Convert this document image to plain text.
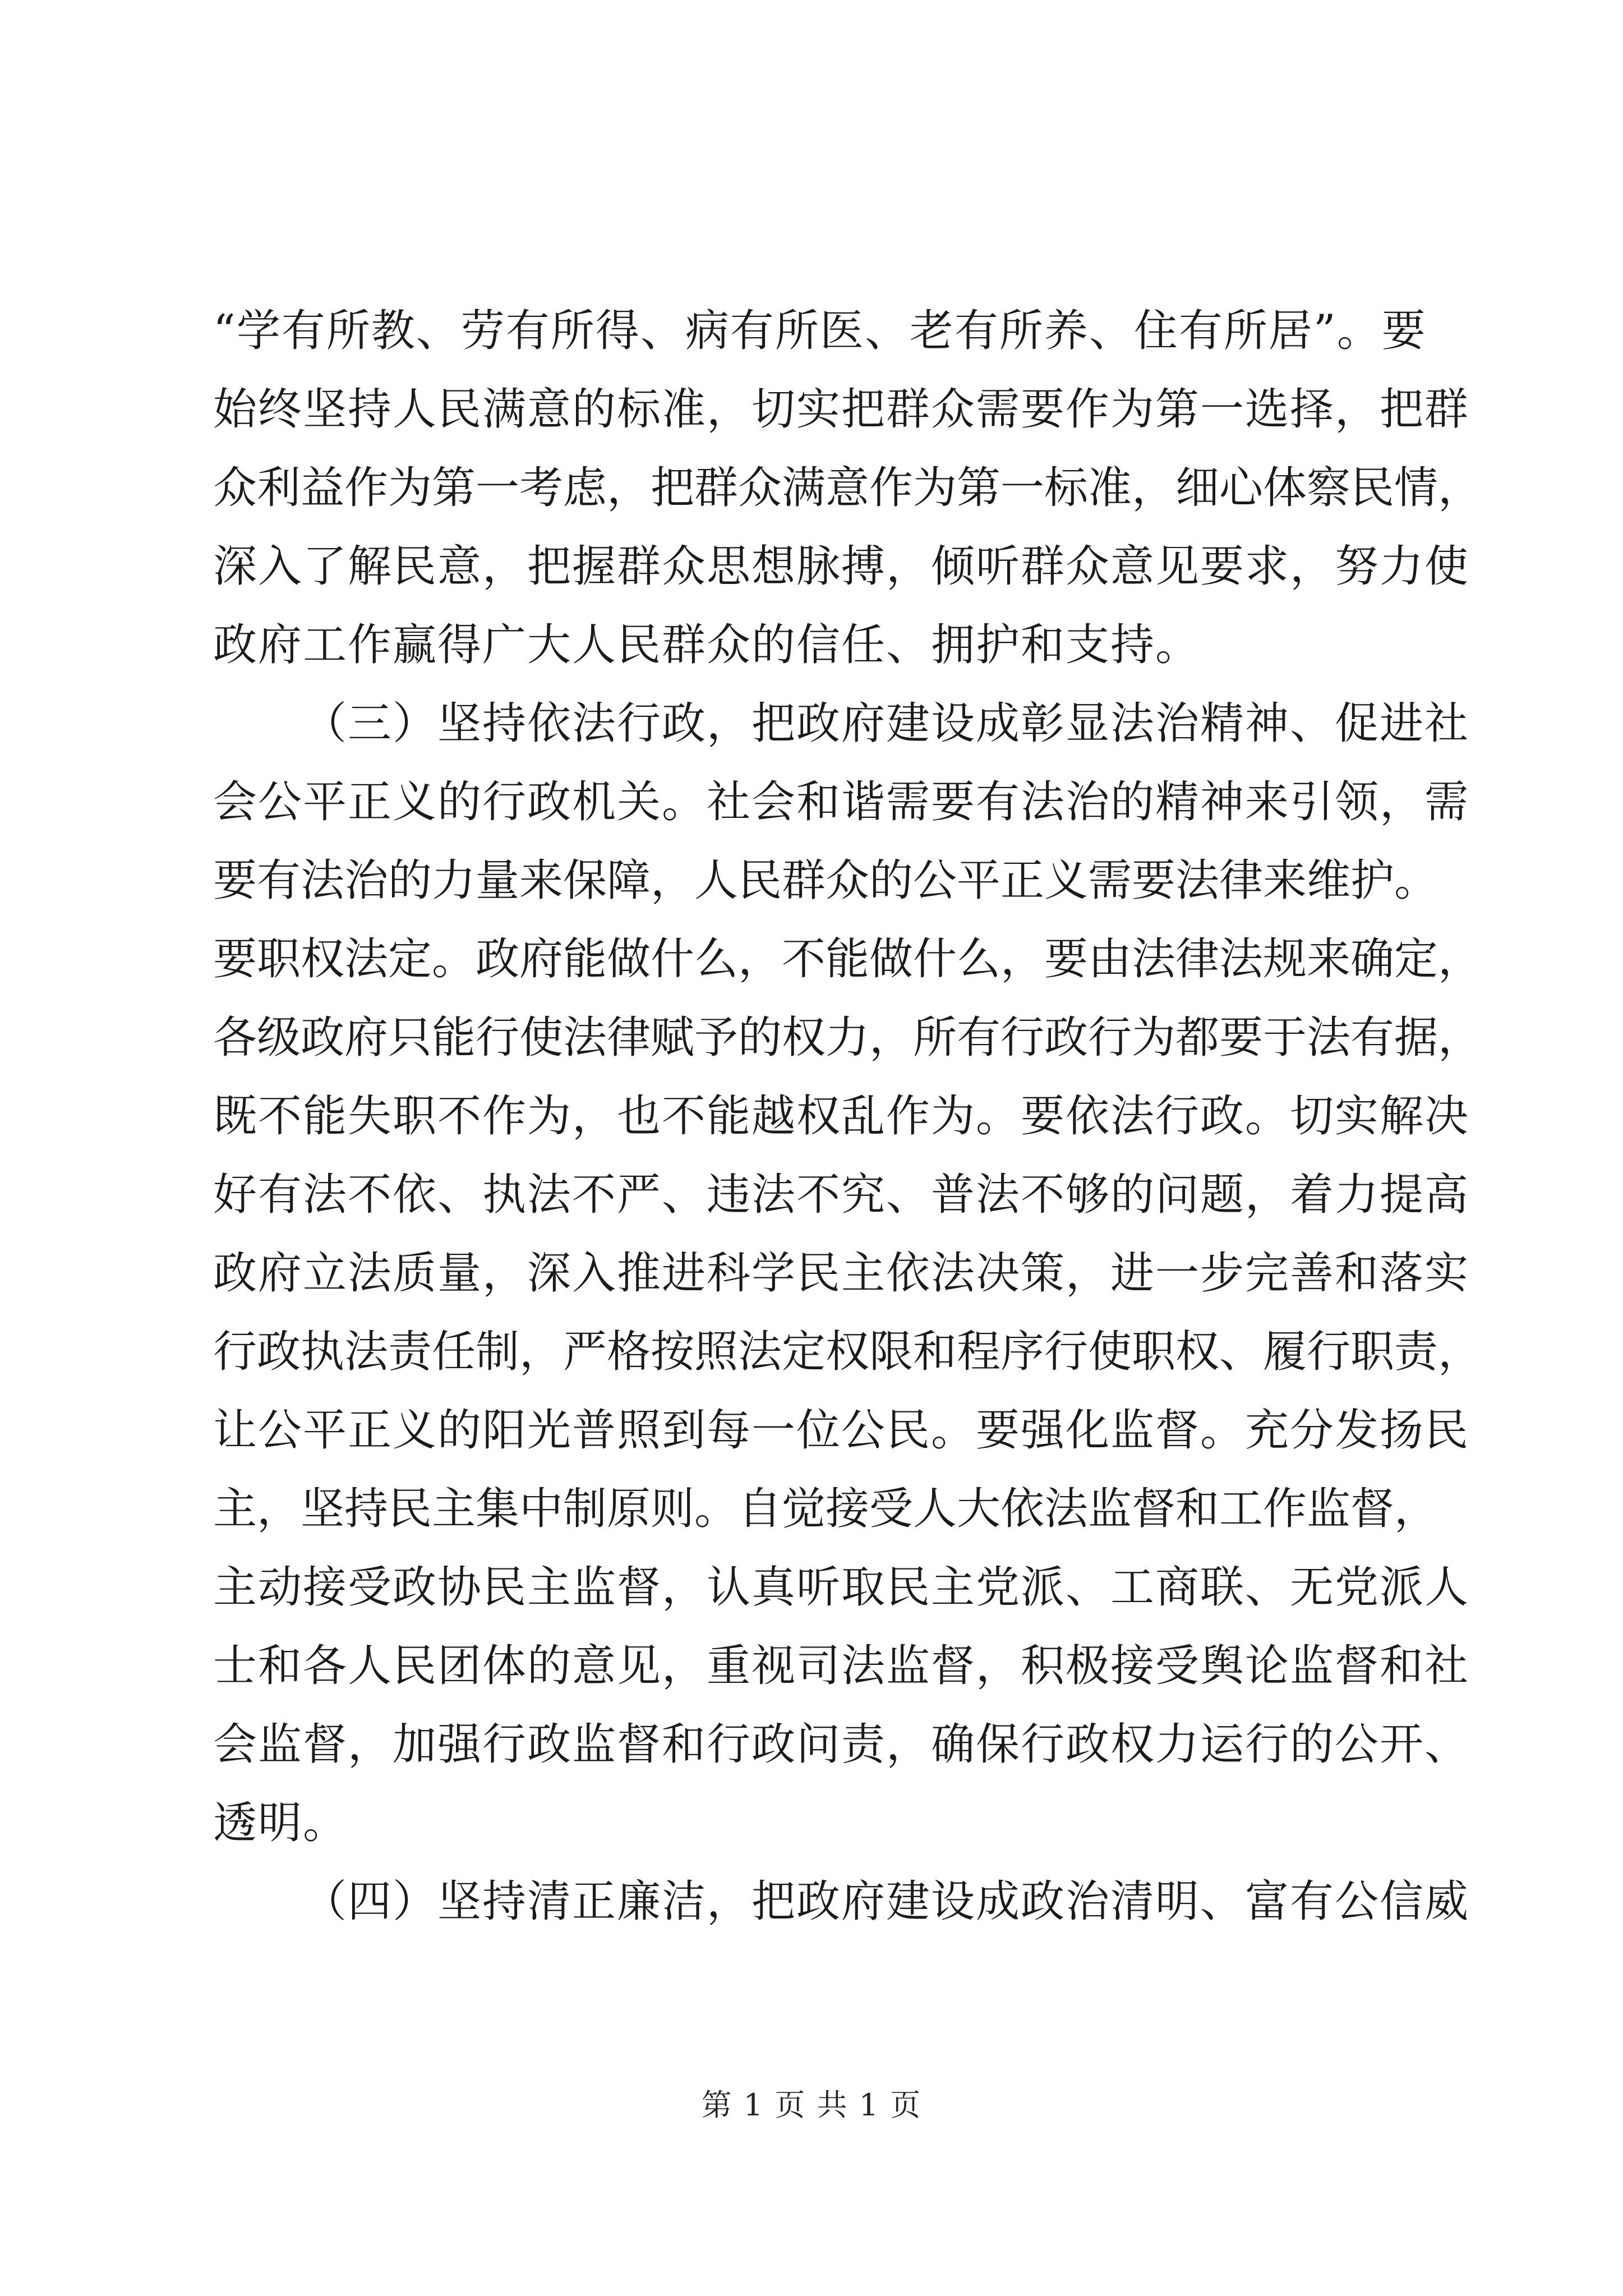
“学有所教、劳有所得、病有所医、老有所养、住有所居”。要
始终坚持人民满意的标准，切实把群众需要作为第一选择，把群
众利益作为第一考虑，把群众满意作为第一标准，细心体察民情，
深入了解民意，把握群众思想脉搏，倾听群众意见要求，努力使
政府工作赢得广大人民群众的信任、拥护和支持。
（三）坚持依法行政，把政府建设成彰显法治精神、促进社
会公平正义的行政机关。社会和谐需要有法治的精神来引领，需
要有法治的力量来保障，人民群众的公平正义需要法律来维护。
要职权法定。政府能做什么，不能做什么，要由法律法规来确定，
各级政府只能行使法律赋予的权力，所有行政行为都要于法有据，
既不能失职不作为，也不能越权乱作为。要依法行政。切实解决
好有法不依、执法不严、违法不究、普法不够的问题，着力提高
政府立法质量，深入推进科学民主依法决策，进一步完善和落实
行政执法责任制，严格按照法定权限和程序行使职权、履行职责，
让公平正义的阳光普照到每一位公民。要强化监督。充分发扬民
主，坚持民主集中制原则。自觉接受人大依法监督和工作监督，
主动接受政协民主监督，认真听取民主党派、工商联、无党派人
士和各人民团体的意见，重视司法监督，积极接受舆论监督和社
会监督，加强行政监督和行政问责，确保行政权力运行的公开、
透明。
（四）坚持清正廉洁，把政府建设成政治清明、富有公信威
第 1 页 共 1 页
